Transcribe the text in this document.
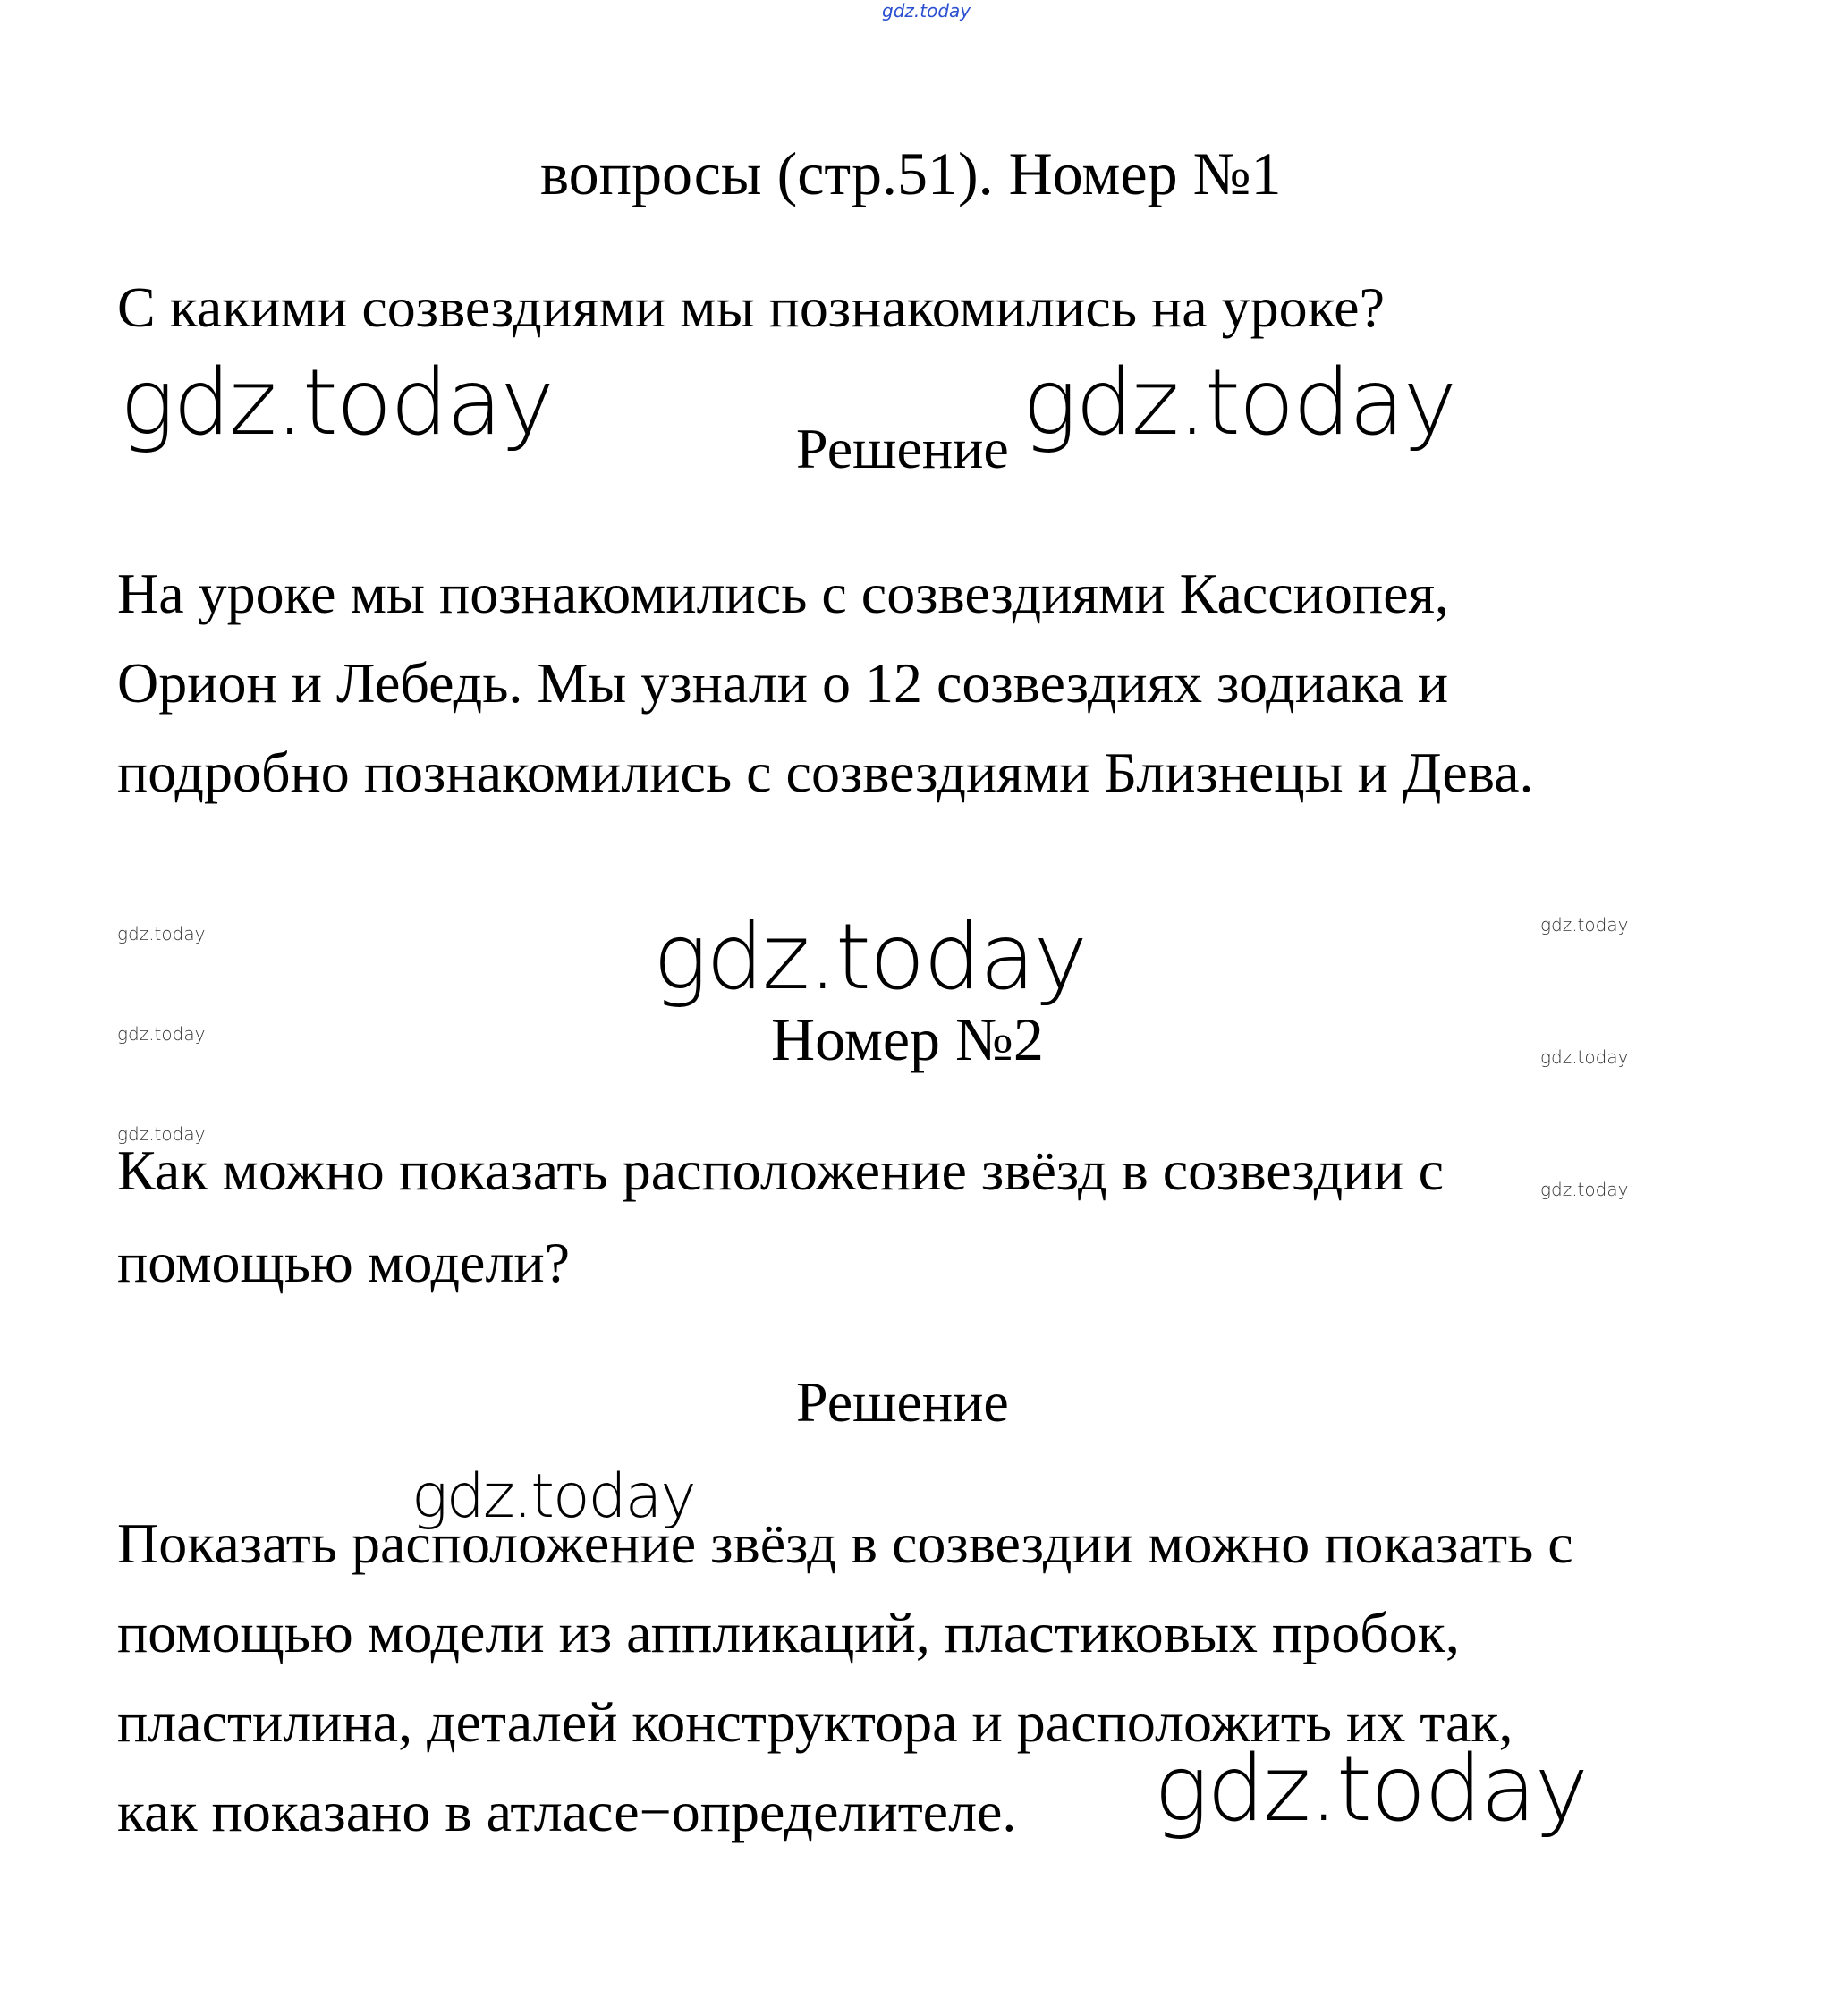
gdz.today
вопросы (стр.51). Номер №1
С какими созвездиями мы познакомились на уроке?
gdz.today	Решение gdz.today
На уроке мы познакомились с созвездиями Кассиопея,
Орион и Лебедь. Мы узнали о 12 созвездиях зодиака и
подробно познакомились с созвездиями Близнецы и Дева.
gdz.today	gdz.today
gdz.today
gdz.today
gdz.today
gdz.today
gdz.today
Номер №2
Как можно показать расположение звёзд в созвездии с
помощью модели?
Решение
gdz.today
Показать расположение звёзд в созвездии можно показать с
помощью модели из аппликаций, пластиковых пробок,
пластилина, деталей конструктора и расположить их так,
как показано в атласе−определителе. gdz.today
